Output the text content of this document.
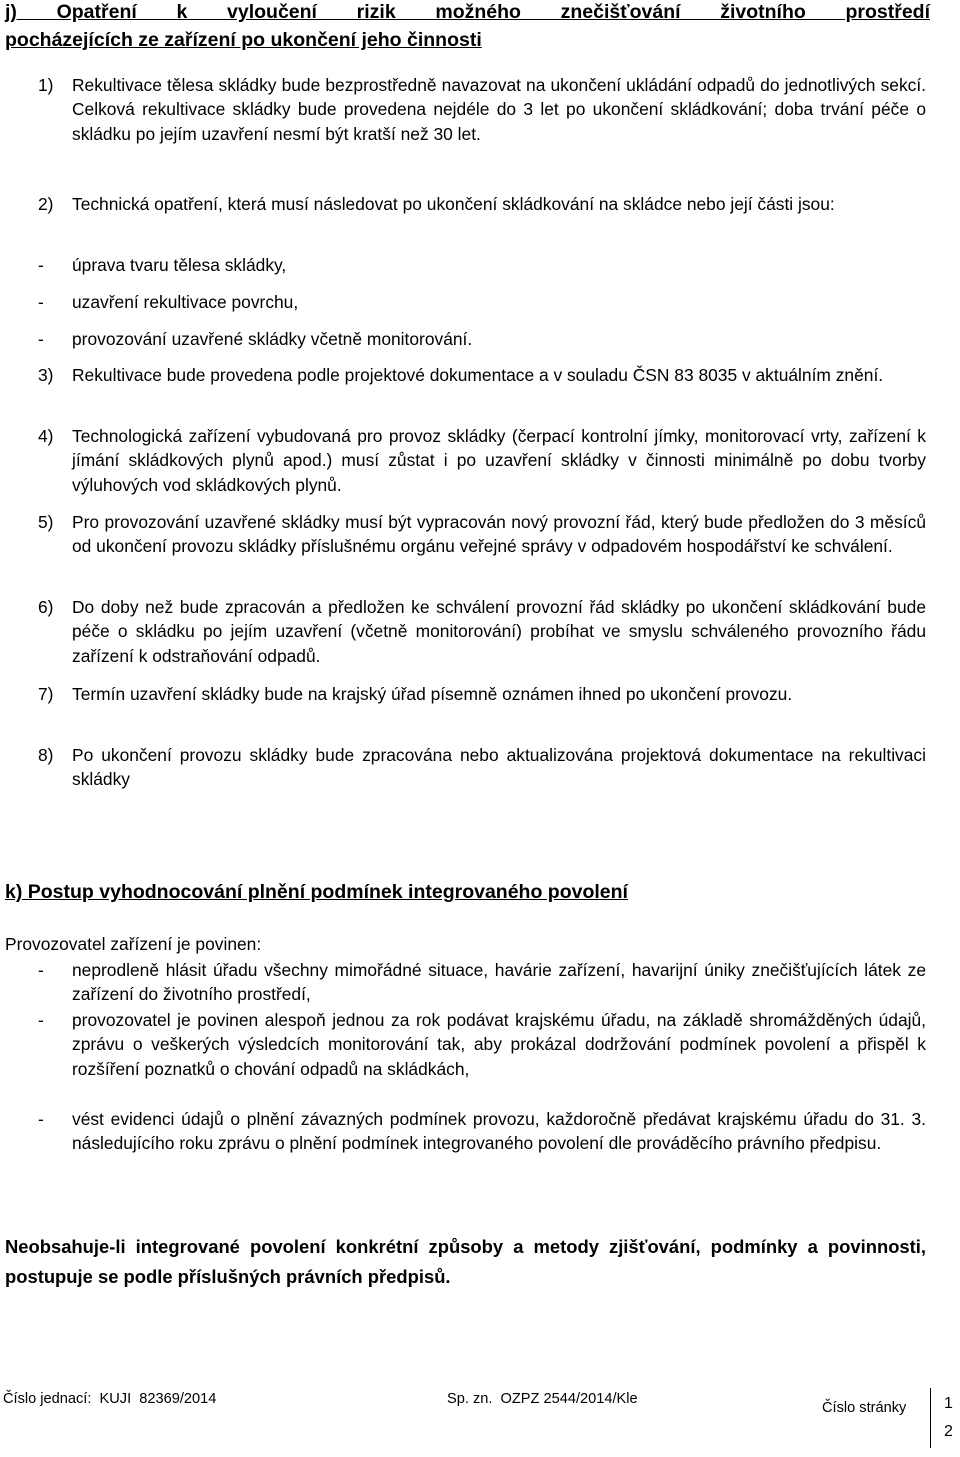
j) Opatření k vyloučení rizik možného znečišťování životního prostředí
pocházejících ze zařízení po ukončení jeho činnosti
1) Rekultivace tělesa skládky bude bezprostředně navazovat na ukončení ukládání odpadů do jednotlivých sekcí. Celková rekultivace skládky bude provedena nejdéle do 3 let po ukončení skládkování; doba trvání péče o skládku po jejím uzavření nesmí být kratší než 30 let.
2) Technická opatření, která musí následovat po ukončení skládkování na skládce nebo její části jsou:
- úprava tvaru tělesa skládky,
- uzavření rekultivace povrchu,
- provozování uzavřené skládky včetně monitorování.
3) Rekultivace bude provedena podle projektové dokumentace a v souladu ČSN 83 8035 v aktuálním znění.
4) Technologická zařízení vybudovaná pro provoz skládky (čerpací kontrolní jímky, monitorovací vrty, zařízení k jímání skládkových plynů apod.) musí zůstat i po uzavření skládky v činnosti minimálně po dobu tvorby výluhových vod skládkových plynů.
5) Pro provozování uzavřené skládky musí být vypracován nový provozní řád, který bude předložen do 3 měsíců od ukončení provozu skládky příslušnému orgánu veřejné správy v odpadovém hospodářství ke schválení.
6) Do doby než bude zpracován a předložen ke schválení provozní řád skládky po ukončení skládkování bude péče o skládku po jejím uzavření (včetně monitorování) probíhat ve smyslu schváleného provozního řádu zařízení k odstraňování odpadů.
7) Termín uzavření skládky bude na krajský úřad písemně oznámen ihned po ukončení provozu.
8) Po ukončení provozu skládky bude zpracována nebo aktualizována projektová dokumentace na rekultivaci skládky
k) Postup vyhodnocování plnění podmínek integrovaného povolení
Provozovatel zařízení je povinen:
- neprodleně hlásit úřadu všechny mimořádné situace, havárie zařízení, havarijní úniky znečišťujících látek ze zařízení do životního prostředí,
- provozovatel je povinen alespoň jednou za rok podávat krajskému úřadu, na základě shromážděných údajů, zprávu o veškerých výsledcích monitorování tak, aby prokázal dodržování podmínek povolení a přispěl k rozšíření poznatků o chování odpadů na skládkách,
- vést evidenci údajů o plnění závazných podmínek provozu, každoročně předávat krajskému úřadu do 31. 3. následujícího roku zprávu o plnění podmínek integrovaného povolení dle prováděcího právního předpisu.
Neobsahuje-li integrované povolení konkrétní způsoby a metody zjišťování, podmínky a povinnosti, postupuje se podle příslušných právních předpisů.
Číslo jednací:  KUJI  82369/2014	Sp. zn.  OZPZ 2544/2014/Kle
Číslo stránky 1
2
